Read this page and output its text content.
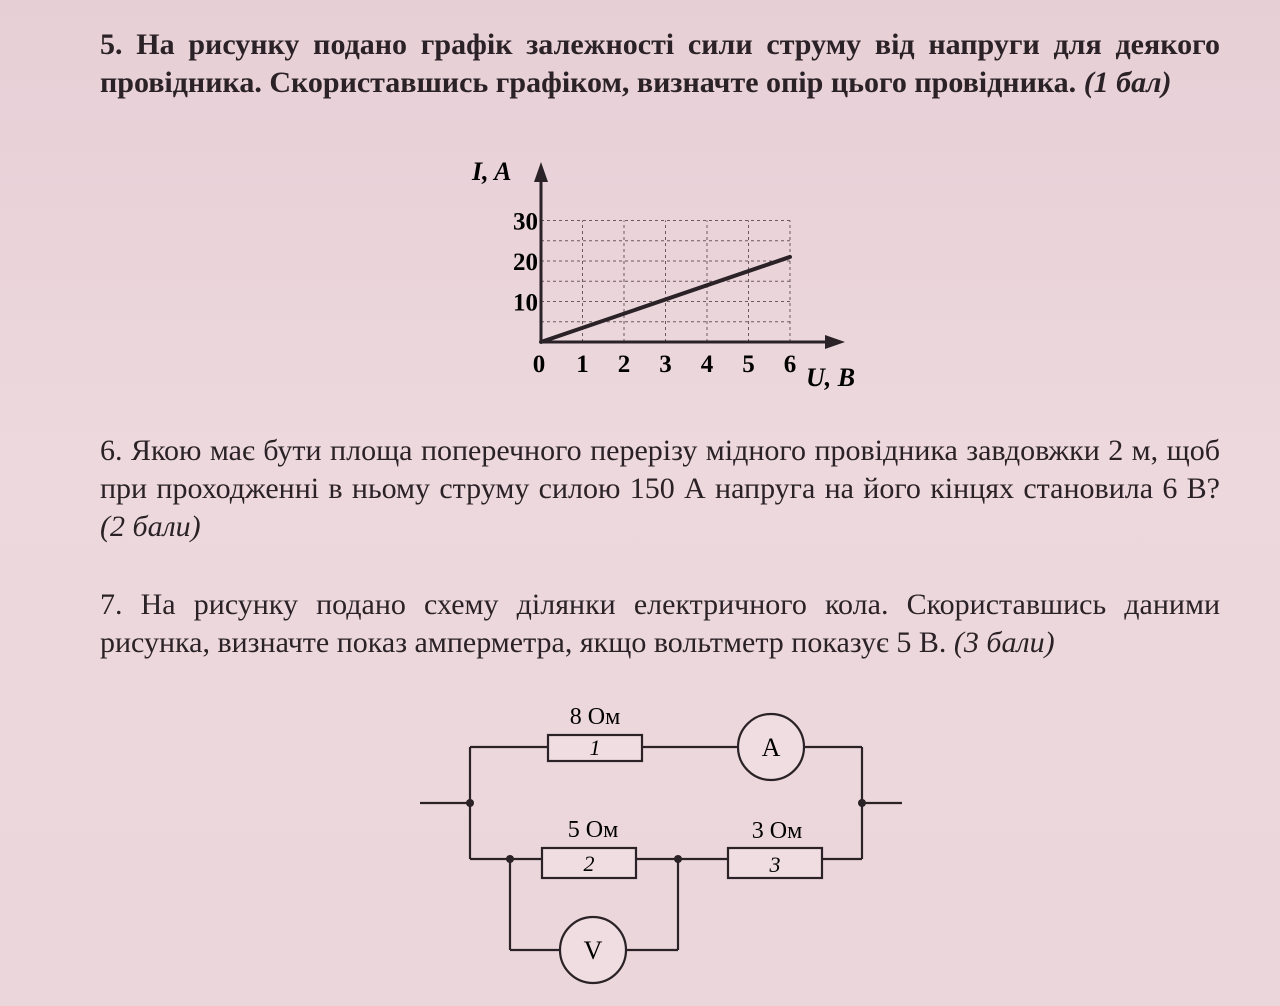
5. На рисунку подано графік залежності сили струму від напруги для деякого провідника. Скориставшись графіком, визначте опір цього провідника. (1 бал)
I, A
U, B
10
20
30
0 1 2 3 4 5 6
6. Якою має бути площа поперечного перерізу мідного провідника завдовжки 2 м, щоб при проходженні в ньому струму силою 150 А напруга на його кінцях становила 6 В? (2 бали)
7. На рисунку подано схему ділянки електричного кола. Скориставшись даними рисунка, визначте показ амперметра, якщо вольтметр показує 5 В. (3 бали)
1
8 Ом
A
2
5 Ом
3
3 Ом
V
